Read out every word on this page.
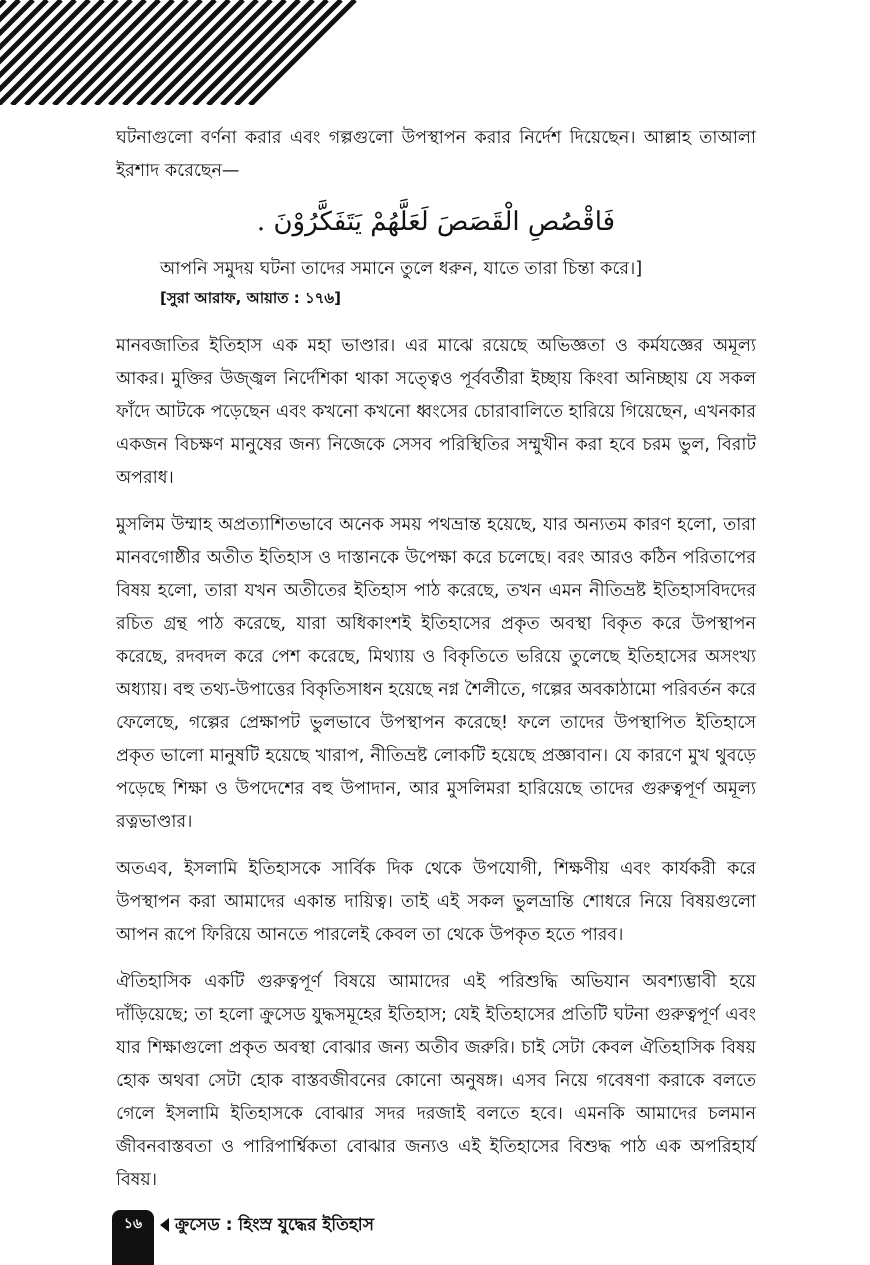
ঘটনাগুলো বর্ণনা করার এবং গল্পগুলো উপস্থাপন করার নির্দেশ দিয়েছেন। আল্লাহ তাআলা ইরশাদ করেছেন—

فَاقْصُصِ الْقَصَصَ لَعَلَّهُمْ يَتَفَكَّرُوْنَ .

আপনি সমুদয় ঘটনা তাদের সমানে তুলে ধরুন, যাতে তারা চিন্তা করে।]

[সুরা আরাফ, আয়াত : ১৭৬]

মানবজাতির ইতিহাস এক মহা ভাণ্ডার। এর মাঝে রয়েছে অভিজ্ঞতা ও কর্মযজ্ঞের অমূল্য আকর। মুক্তির উজ্জ্বল নির্দেশিকা থাকা সত্ত্বেও পূর্ববর্তীরা ইচ্ছায় কিংবা অনিচ্ছায় যে সকল ফাঁদে আটকে পড়েছেন এবং কখনো কখনো ধ্বংসের চোরাবালিতে হারিয়ে গিয়েছেন, এখনকার একজন বিচক্ষণ মানুষের জন্য নিজেকে সেসব পরিস্থিতির সম্মুখীন করা হবে চরম ভুল, বিরাট অপরাধ।

মুসলিম উম্মাহ অপ্রত্যাশিতভাবে অনেক সময় পথভ্রান্ত হয়েছে, যার অন্যতম কারণ হলো, তারা মানবগোষ্ঠীর অতীত ইতিহাস ও দাস্তানকে উপেক্ষা করে চলেছে। বরং আরও কঠিন পরিতাপের বিষয় হলো, তারা যখন অতীতের ইতিহাস পাঠ করেছে, তখন এমন নীতিভ্রষ্ট ইতিহাসবিদদের রচিত গ্রন্থ পাঠ করেছে, যারা অধিকাংশই ইতিহাসের প্রকৃত অবস্থা বিকৃত করে উপস্থাপন করেছে, রদবদল করে পেশ করেছে, মিথ্যায় ও বিকৃতিতে ভরিয়ে তুলেছে ইতিহাসের অসংখ্য অধ্যায়। বহু তথ্য-উপাত্তের বিকৃতিসাধন হয়েছে নগ্ন শৈলীতে, গল্পের অবকাঠামো পরিবর্তন করে ফেলেছে, গল্পের প্রেক্ষাপট ভুলভাবে উপস্থাপন করেছে! ফলে তাদের উপস্থাপিত ইতিহাসে প্রকৃত ভালো মানুষটি হয়েছে খারাপ, নীতিভ্রষ্ট লোকটি হয়েছে প্রজ্ঞাবান। যে কারণে মুখ থুবড়ে পড়েছে শিক্ষা ও উপদেশের বহু উপাদান, আর মুসলিমরা হারিয়েছে তাদের গুরুত্বপূর্ণ অমূল্য রত্নভাণ্ডার।

অতএব, ইসলামি ইতিহাসকে সার্বিক দিক থেকে উপযোগী, শিক্ষণীয় এবং কার্যকরী করে উপস্থাপন করা আমাদের একান্ত দায়িত্ব। তাই এই সকল ভুলভ্রান্তি শোধরে নিয়ে বিষয়গুলো আপন রূপে ফিরিয়ে আনতে পারলেই কেবল তা থেকে উপকৃত হতে পারব।

ঐতিহাসিক একটি গুরুত্বপূর্ণ বিষয়ে আমাদের এই পরিশুদ্ধি অভিযান অবশ্যম্ভাবী হয়ে দাঁড়িয়েছে; তা হলো ক্রুসেড যুদ্ধসমূহের ইতিহাস; যেই ইতিহাসের প্রতিটি ঘটনা গুরুত্বপূর্ণ এবং যার শিক্ষাগুলো প্রকৃত অবস্থা বোঝার জন্য অতীব জরুরি। চাই সেটা কেবল ঐতিহাসিক বিষয় হোক অথবা সেটা হোক বাস্তবজীবনের কোনো অনুষঙ্গ। এসব নিয়ে গবেষণা করাকে বলতে গেলে ইসলামি ইতিহাসকে বোঝার সদর দরজাই বলতে হবে। এমনকি আমাদের চলমান জীবনবাস্তবতা ও পারিপার্শ্বিকতা বোঝার জন্যও এই ইতিহাসের বিশুদ্ধ পাঠ এক অপরিহার্য বিষয়।

১৬	ক্রুসেড : হিংস্র যুদ্ধের ইতিহাস
